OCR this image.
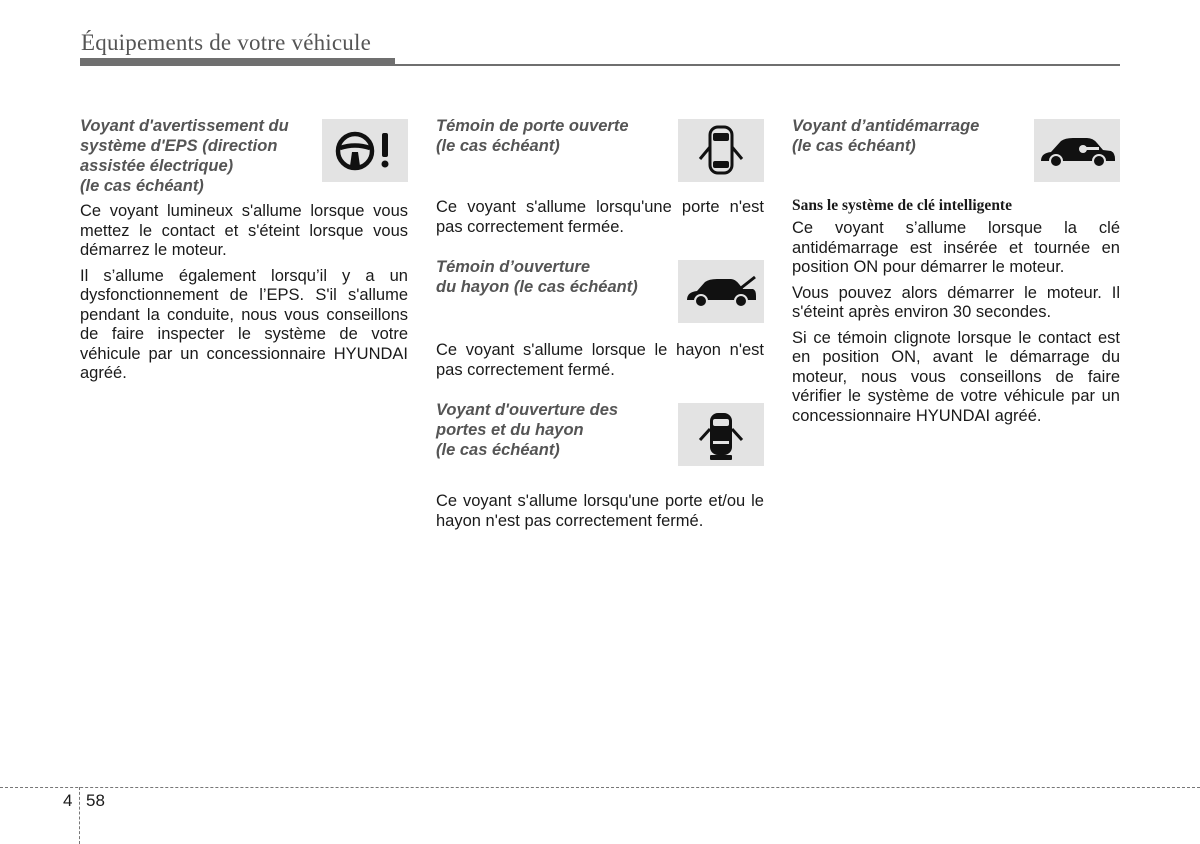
Équipements de votre véhicule
Voyant d'avertissement du
système d'EPS (direction
assistée électrique)
(le cas échéant)

Ce voyant lumineux s'allume lorsque vous mettez le contact et s'éteint lorsque vous démarrez le moteur.

Il s’allume également lorsqu’il y a un dysfonctionnement de l’EPS. S'il s'allume pendant la conduite, nous vous conseillons de faire inspecter le système de votre véhicule par un concessionnaire HYUNDAI agréé.

Témoin de porte ouverte
(le cas échéant)

Ce voyant s'allume lorsqu'une porte n'est pas correctement fermée.

Témoin d’ouverture
du hayon (le cas échéant)

Ce voyant s'allume lorsque le hayon n'est pas correctement fermé.

Voyant d'ouverture des
portes et du hayon
(le cas échéant)

Ce voyant s'allume lorsqu'une porte et/ou le hayon n'est pas correctement fermé.

Voyant d’antidémarrage
(le cas échéant)

Sans le système de clé intelligente

Ce voyant s’allume lorsque la clé antidémarrage est insérée et tournée en position ON pour démarrer le moteur.

Vous pouvez alors démarrer le moteur. Il s'éteint après environ 30 secondes.

Si ce témoin clignote lorsque le contact est en position ON, avant le démarrage du moteur, nous vous conseillons de faire vérifier le système de votre véhicule par un concessionnaire HYUNDAI agréé.

4 58
